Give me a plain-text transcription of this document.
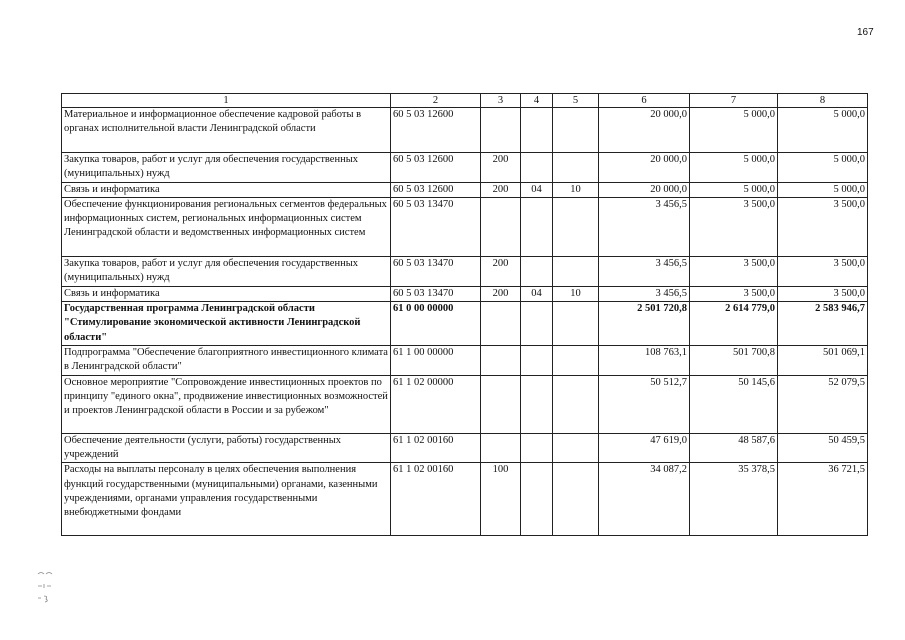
167
1	2	3	4	5	6	7	8
Материальное и информационное обеспечение кадровой работы в органах исполнительной власти Ленинградской области	60 5 03 12600				20 000,0	5 000,0	5 000,0
Закупка товаров, работ и услуг для обеспечения государственных (муниципальных) нужд	60 5 03 12600	200			20 000,0	5 000,0	5 000,0
Связь и информатика	60 5 03 12600	200	04	10	20 000,0	5 000,0	5 000,0
Обеспечение функционирования региональных сегментов федеральных информационных систем, региональных информационных систем Ленинградской области и ведомственных информационных систем	60 5 03 13470				3 456,5	3 500,0	3 500,0
Закупка товаров, работ и услуг для обеспечения государственных (муниципальных) нужд	60 5 03 13470	200			3 456,5	3 500,0	3 500,0
Связь и информатика	60 5 03 13470	200	04	10	3 456,5	3 500,0	3 500,0
Государственная программа Ленинградской области "Стимулирование экономической активности Ленинградской области"	61 0 00 00000				2 501 720,8	2 614 779,0	2 583 946,7
Подпрограмма "Обеспечение благоприятного инвестиционного климата в Ленинградской области"	61 1 00 00000				108 763,1	501 700,8	501 069,1
Основное мероприятие "Сопровождение инвестиционных проектов по принципу "единого окна", продвижение инвестиционных возможностей и проектов Ленинградской области в России и за рубежом"	61 1 02 00000				50 512,7	50 145,6	52 079,5
Обеспечение деятельности (услуги, работы) государственных учреждений	61 1 02 00160				47 619,0	48 587,6	50 459,5
Расходы на выплаты персоналу в целях обеспечения выполнения функций государственными (муниципальными) органами, казенными учреждениями, органами управления государственными внебюджетными фондами	61 1 02 00160	100			34 087,2	35 378,5	36 721,5
